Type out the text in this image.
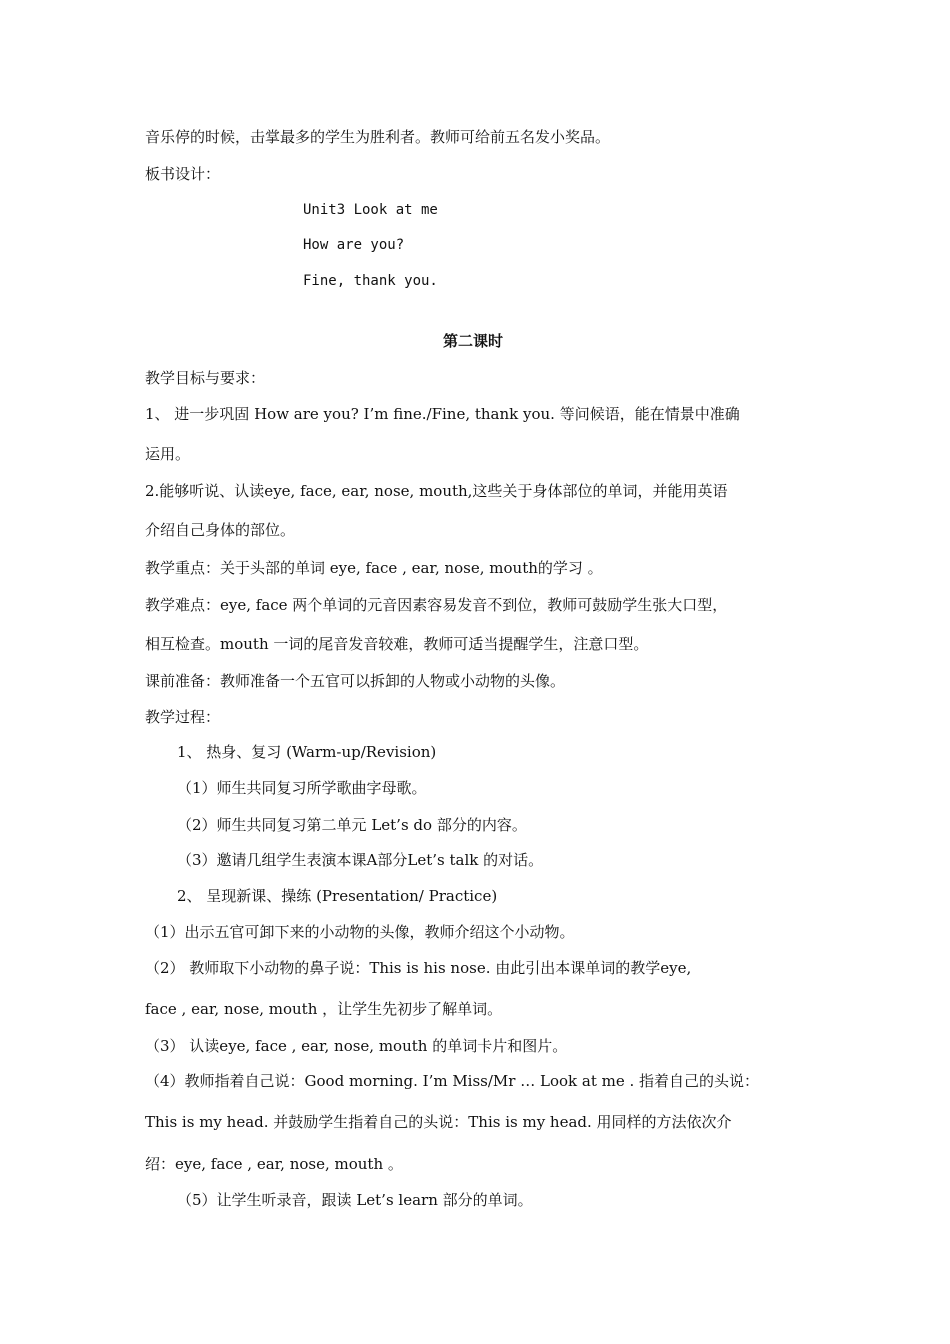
音乐停的时候，击掌最多的学生为胜利者。教师可给前五名发小奖品。
板书设计：
Unit3 Look at me
How are you?
Fine, thank you.
第二课时
教学目标与要求：
1、 进一步巩固 How are you? I’m fine./Fine, thank you. 等问候语，能在情景中准确
运用。
2.能够听说、认读eye, face, ear, nose, mouth,这些关于身体部位的单词，并能用英语
介绍自己身体的部位。
教学重点：关于头部的单词 eye, face , ear, nose, mouth的学习 。
教学难点：eye, face 两个单词的元音因素容易发音不到位，教师可鼓励学生张大口型，
相互检查。mouth 一词的尾音发音较难，教师可适当提醒学生，注意口型。
课前准备：教师准备一个五官可以拆卸的人物或小动物的头像。
教学过程：
1、 热身、复习 (Warm-up/Revision)
（1）师生共同复习所学歌曲字母歌。
（2）师生共同复习第二单元 Let’s do 部分的内容。
（3）邀请几组学生表演本课A部分Let’s talk 的对话。
2、 呈现新课、操练 (Presentation/ Practice)
（1）出示五官可卸下来的小动物的头像，教师介绍这个小动物。
（2） 教师取下小动物的鼻子说：This is his nose. 由此引出本课单词的教学eye,
face , ear, nose, mouth ，让学生先初步了解单词。
（3） 认读eye, face , ear, nose, mouth 的单词卡片和图片。
（4）教师指着自己说：Good morning. I’m Miss/Mr … Look at me . 指着自己的头说：
This is my head. 并鼓励学生指着自己的头说：This is my head. 用同样的方法依次介
绍：eye, face , ear, nose, mouth 。
（5）让学生听录音，跟读 Let’s learn 部分的单词。
